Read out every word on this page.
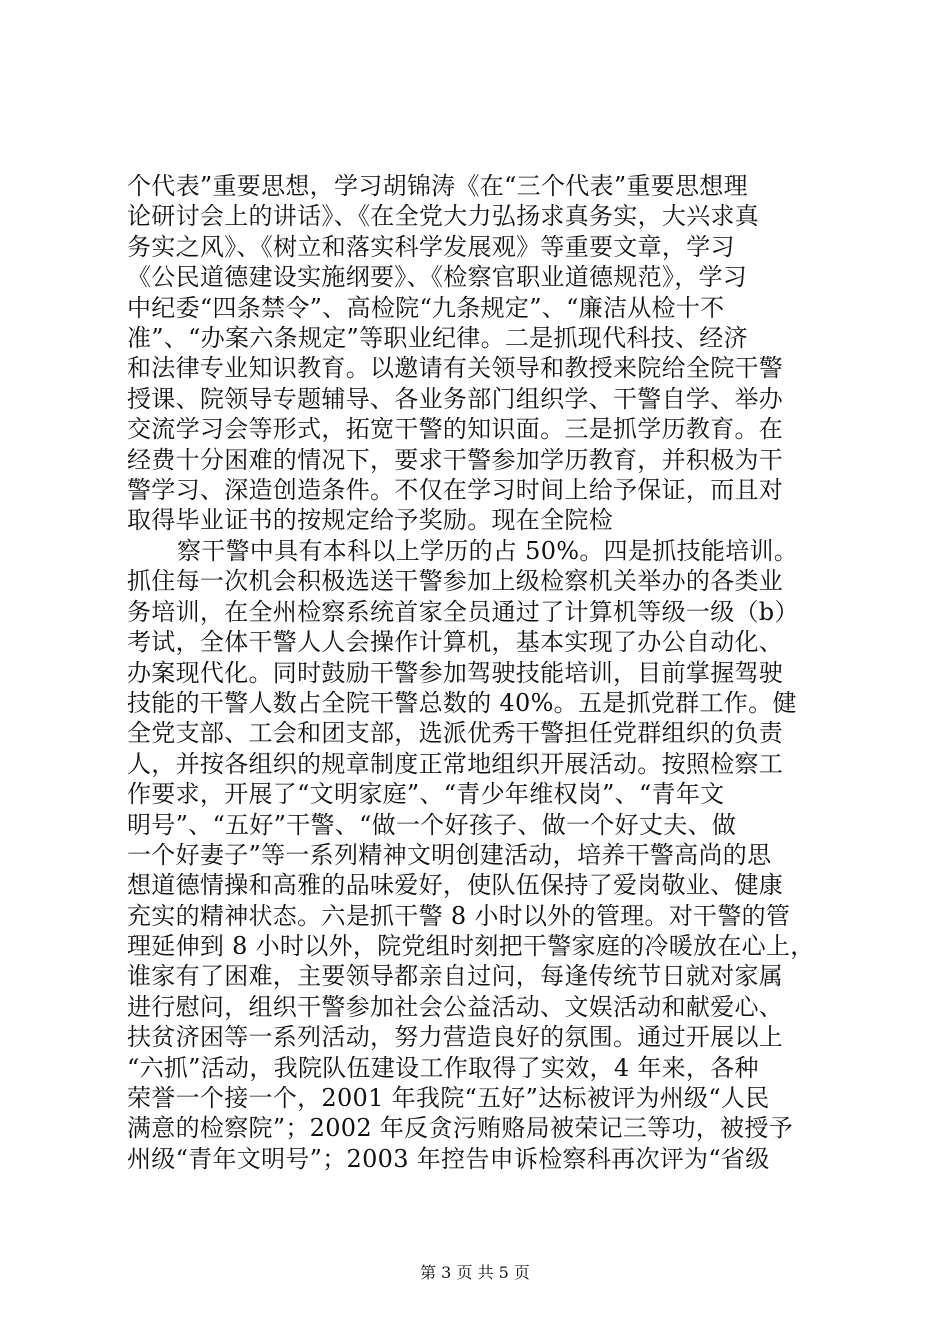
个代表”重要思想，学习胡锦涛《在“三个代表”重要思想理
论研讨会上的讲话》、《在全党大力弘扬求真务实，大兴求真
务实之风》、《树立和落实科学发展观》等重要文章，学习
《公民道德建设实施纲要》、《检察官职业道德规范》，学习
中纪委“四条禁令”、高检院“九条规定”、“廉洁从检十不
准”、“办案六条规定”等职业纪律。二是抓现代科技、经济
和法律专业知识教育。以邀请有关领导和教授来院给全院干警
授课、院领导专题辅导、各业务部门组织学、干警自学、举办
交流学习会等形式，拓宽干警的知识面。三是抓学历教育。在
经费十分困难的情况下，要求干警参加学历教育，并积极为干
警学习、深造创造条件。不仅在学习时间上给予保证，而且对
取得毕业证书的按规定给予奖励。现在全院检
察干警中具有本科以上学历的占 50%。四是抓技能培训。
抓住每一次机会积极选送干警参加上级检察机关举办的各类业
务培训，在全州检察系统首家全员通过了计算机等级一级（b）
考试，全体干警人人会操作计算机，基本实现了办公自动化、
办案现代化。同时鼓励干警参加驾驶技能培训，目前掌握驾驶
技能的干警人数占全院干警总数的 40%。五是抓党群工作。健
全党支部、工会和团支部，选派优秀干警担任党群组织的负责
人，并按各组织的规章制度正常地组织开展活动。按照检察工
作要求，开展了“文明家庭”、“青少年维权岗”、“青年文
明号”、“五好”干警、“做一个好孩子、做一个好丈夫、做
一个好妻子”等一系列精神文明创建活动，培养干警高尚的思
想道德情操和高雅的品味爱好，使队伍保持了爱岗敬业、健康
充实的精神状态。六是抓干警 8 小时以外的管理。对干警的管
理延伸到 8 小时以外，院党组时刻把干警家庭的冷暖放在心上，
谁家有了困难，主要领导都亲自过问，每逢传统节日就对家属
进行慰问，组织干警参加社会公益活动、文娱活动和献爱心、
扶贫济困等一系列活动，努力营造良好的氛围。通过开展以上
“六抓”活动，我院队伍建设工作取得了实效，4 年来，各种
荣誉一个接一个，2001 年我院“五好”达标被评为州级“人民
满意的检察院”；2002 年反贪污贿赂局被荣记三等功，被授予
州级“青年文明号”；2003 年控告申诉检察科再次评为“省级
第 3 页 共 5 页
